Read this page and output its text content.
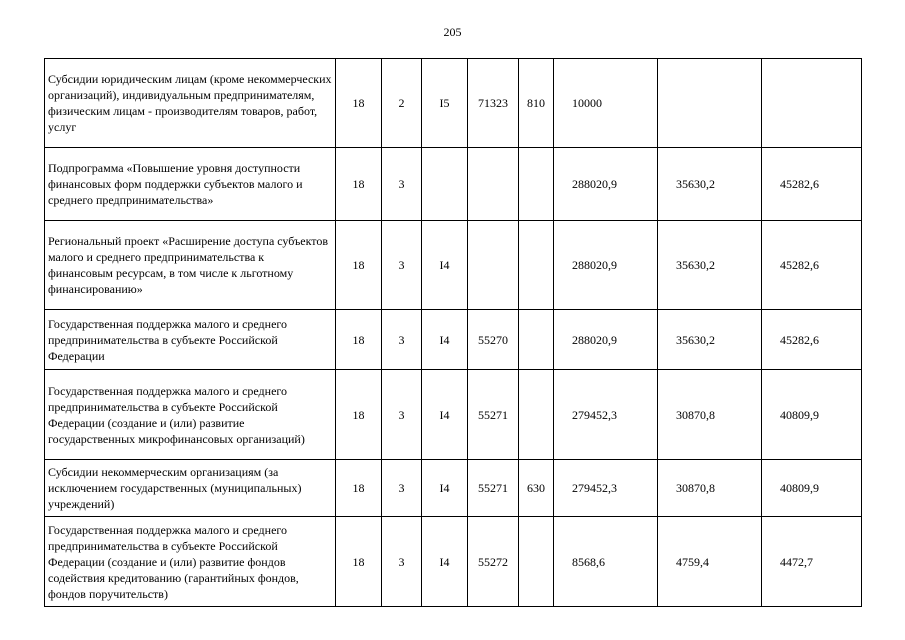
205
Субсидии юридическим лицам (кроме некоммерческих организаций), индивидуальным предпринимателям, физическим лицам - производителям товаров, работ, услуг	18	2	I5	71323	810	10000		
Подпрограмма «Повышение уровня доступности финансовых форм поддержки субъектов малого и среднего предпринимательства»	18	3				288020,9	35630,2	45282,6
Региональный проект «Расширение доступа субъектов малого и среднего предпринимательства к финансовым ресурсам, в том числе к льготному финансированию»	18	3	I4			288020,9	35630,2	45282,6
Государственная поддержка малого и среднего предпринимательства в субъекте Российской Федерации	18	3	I4	55270		288020,9	35630,2	45282,6
Государственная поддержка малого и среднего предпринимательства в субъекте Российской Федерации (создание и (или) развитие государственных микрофинансовых организаций)	18	3	I4	55271		279452,3	30870,8	40809,9
Субсидии некоммерческим организациям (за исключением государственных (муниципальных) учреждений)	18	3	I4	55271	630	279452,3	30870,8	40809,9
Государственная поддержка малого и среднего предпринимательства в субъекте Российской Федерации (создание и (или) развитие фондов содействия кредитованию (гарантийных фондов, фондов поручительств)	18	3	I4	55272		8568,6	4759,4	4472,7
